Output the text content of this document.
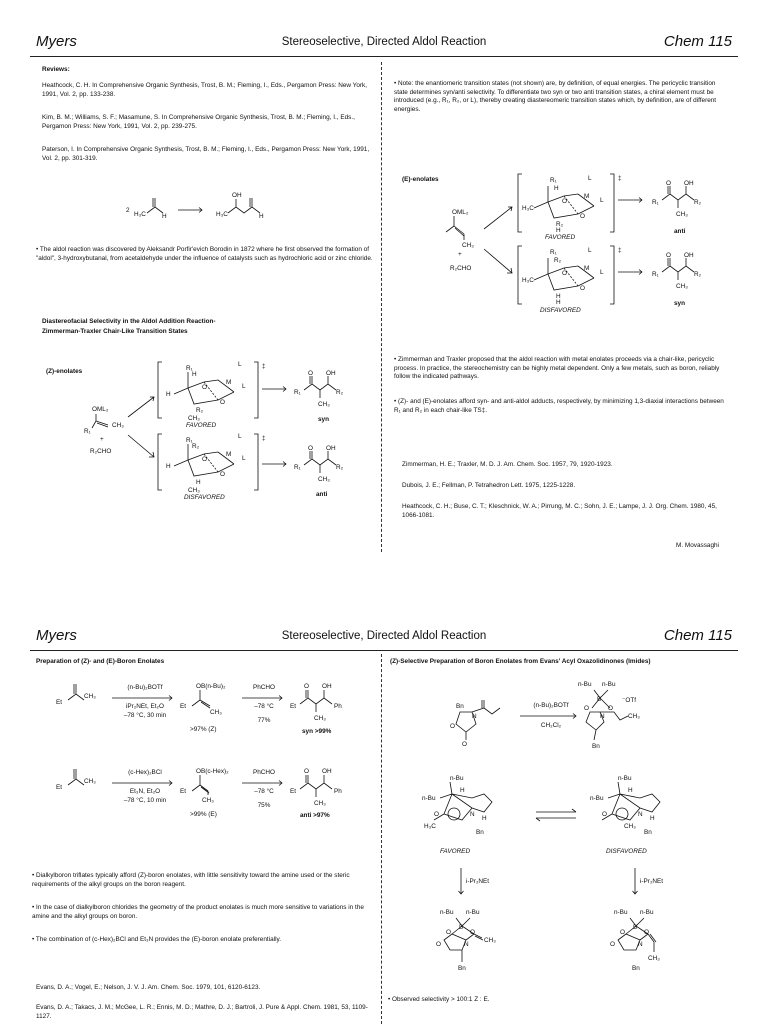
Myers	Stereoselective, Directed Aldol Reaction	Chem 115
Reviews:
Heathcock, C. H. In Comprehensive Organic Synthesis, Trost, B. M.; Fleming, I., Eds., Pergamon Press: New York, 1991, Vol. 2, pp. 133-238.
Kim, B. M.; Williams, S. F.; Masamune, S. In Comprehensive Organic Synthesis, Trost, B. M.; Fleming, I., Eds., Pergamon Press: New York, 1991, Vol. 2, pp. 239-275.
Paterson, I. In Comprehensive Organic Synthesis, Trost, B. M.; Fleming, I., Eds., Pergamon Press: New York, 1991, Vol. 2, pp. 301-319.
2
H₃C	H	H₃C
OH
H
• The aldol reaction was discovered by Aleksandr Porfir'evich Borodin in 1872 where he first observed the formation of "aldol", 3-hydroxybutanal, from acetaldehyde under the influence of catalysts such as hydrochloric acid or zinc chloride.
Diastereofacial Selectivity in the Aldol Addition Reaction-
Zimmerman-Traxler Chair-Like Transition States
(Z)-enolates
OML₂
R₁
CH₃
+
R₂CHO
‡
R₁
H
O
M
L
L
R₂
CH₃
H
O
FAVORED
R₁
O OH
R₂
CH₃
syn
‡
R₁
R₂
O
M
L
L
H
CH₃
H
O
DISFAVORED
R₁
O OH
R₂
CH₃
anti
• Note: the enantiomeric transition states (not shown) are, by definition, of equal energies. The pericyclic transition state determines syn/anti selectivity. To differentiate two syn or two anti transition states, a chiral element must be introduced (e.g., R₁, R₂, or L), thereby creating diastereomeric transition states which, by definition, are of different energies.
(E)-enolates
OML₂
CH₃
+
R₂CHO
‡
R₁
H
O
M
L
L
R₂
H₃C
H
O
FAVORED
R₁
O OH
R₂
CH₃
anti
‡
R₁
R₂
O
M
L
L
H
H₃C
H
O
DISFAVORED
R₁
O OH
R₂
CH₃
syn
• Zimmerman and Traxler proposed that the aldol reaction with metal enolates proceeds via a chair-like, pericyclic process. In practice, the stereochemistry can be highly metal dependent. Only a few metals, such as boron, reliably follow the indicated pathways.
• (Z)- and (E)-enolates afford syn- and anti-aldol adducts, respectively, by minimizing 1,3-diaxial interactions between R₁ and R₂ in each chair-like TS‡.
Zimmerman, H. E.; Traxler, M. D. J. Am. Chem. Soc. 1957, 79, 1920-1923.
Dubois, J. E.; Fellman, P. Tetrahedron Lett. 1975, 1225-1228.
Heathcock, C. H.; Buse, C. T.; Kleschnick, W. A.; Pirrung, M. C.; Sohn, J. E.; Lampe, J. J. Org. Chem. 1980, 45, 1066-1081.
M. Movassaghi
Myers	Stereoselective, Directed Aldol Reaction	Chem 115
Preparation of (Z)- and (E)-Boron Enolates
Et
CH₃
(n-Bu)₂BOTf
iPr₂NEt, Et₂O
–78 °C, 30 min
OB(n-Bu)₂
Et
CH₃
>97% (Z)
PhCHO
–78 °C
77%
Et
O OH
Ph
CH₃
syn >99%
Et
CH₃
(c-Hex)₂BCl
Et₃N, Et₂O
–78 °C, 10 min
OB(c-Hex)₂
Et
CH₃
>99% (E)
PhCHO
–78 °C
75%
Et
O OH
Ph
CH₃
anti >97%
• Dialkylboron triflates typically afford (Z)-boron enolates, with little sensitivity toward the amine used or the steric requirements of the alkyl groups on the boron reagent.
• In the case of dialkylboron chlorides the geometry of the product enolates is much more sensitive to variations in the amine and the alkyl groups on boron.
• The combination of (c-Hex)₂BCl and Et₃N provides the (E)-boron enolate preferentially.
Evans, D. A.; Vogel, E.; Nelson, J. V. J. Am. Chem. Soc. 1979, 101, 6120-6123.
Evans, D. A.; Takacs, J. M.; McGee, L. R.; Ennis, M. D.; Mathre, D. J.; Bartroli, J. Pure & Appl. Chem. 1981, 53, 1109-1127.
(Z)-Selective Preparation of Boron Enolates from Evans' Acyl Oxazolidinones (Imides)
Bn
N
O
O
(n-Bu)₂BOTf
CH₂Cl₂
n-Bu n-Bu
⁻OTf
B
O	O
N	CH₃
Bn
n-Bu
n-Bu
H
O	N
H
H₃C
Bn
FAVORED
n-Bu
n-Bu
H
O	N
H
CH₃
Bn
DISFAVORED
i-Pr₂NEt	i-Pr₂NEt
n-Bu n-Bu
B
O	O
N
O
CH₃
Bn
n-Bu n-Bu
B
O	O
N
O
CH₃
Bn
• Observed selectivity > 100:1 Z : E.
